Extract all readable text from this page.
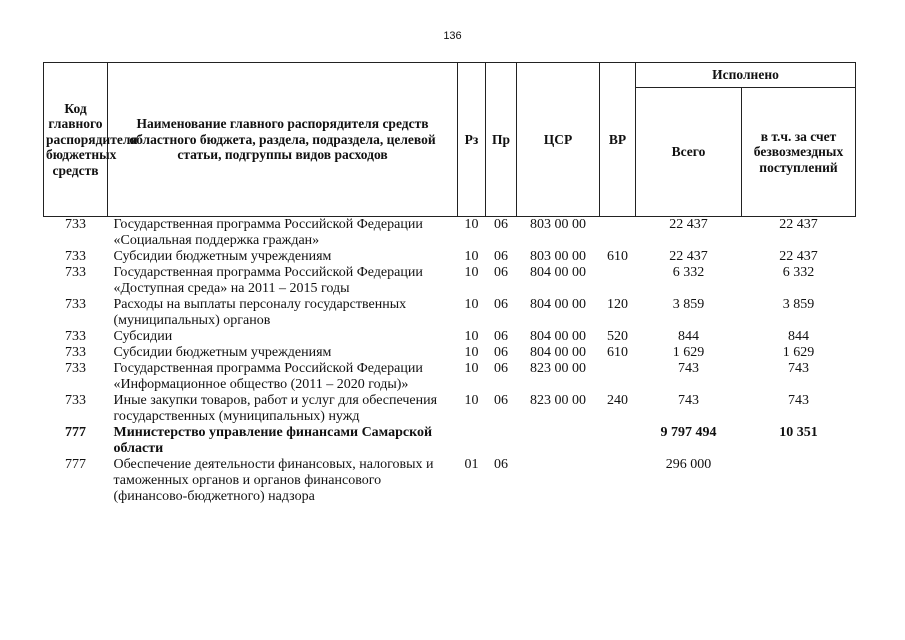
136
Код главного распорядителя бюджетных средств	Наименование главного распорядителя средств областного бюджета, раздела, подраздела, целевой статьи, подгруппы видов расходов	Рз	Пр	ЦСР	ВР	Исполнено	
						Всего	в т.ч. за счет безвозмездных поступлений
733	Государственная программа Российской Федерации «Социальная поддержка граждан»	10	06	803 00 00		22 437	22 437
733	Субсидии бюджетным учреждениям	10	06	803 00 00	610	22 437	22 437
733	Государственная программа Российской Федерации «Доступная среда» на 2011 – 2015 годы	10	06	804 00 00		6 332	6 332
733	Расходы на выплаты персоналу государственных (муниципальных) органов	10	06	804 00 00	120	3 859	3 859
733	Субсидии	10	06	804 00 00	520	844	844
733	Субсидии бюджетным учреждениям	10	06	804 00 00	610	1 629	1 629
733	Государственная программа Российской Федерации «Информационное общество (2011 – 2020 годы)»	10	06	823 00 00		743	743
733	Иные закупки товаров, работ и услуг для обеспечения государственных (муниципальных) нужд	10	06	823 00 00	240	743	743
777	Министерство управление финансами Самарской области					9 797 494	10 351
777	Обеспечение деятельности финансовых, налоговых и таможенных органов и органов финансового (финансово-бюджетного) надзора	01	06			296 000	
